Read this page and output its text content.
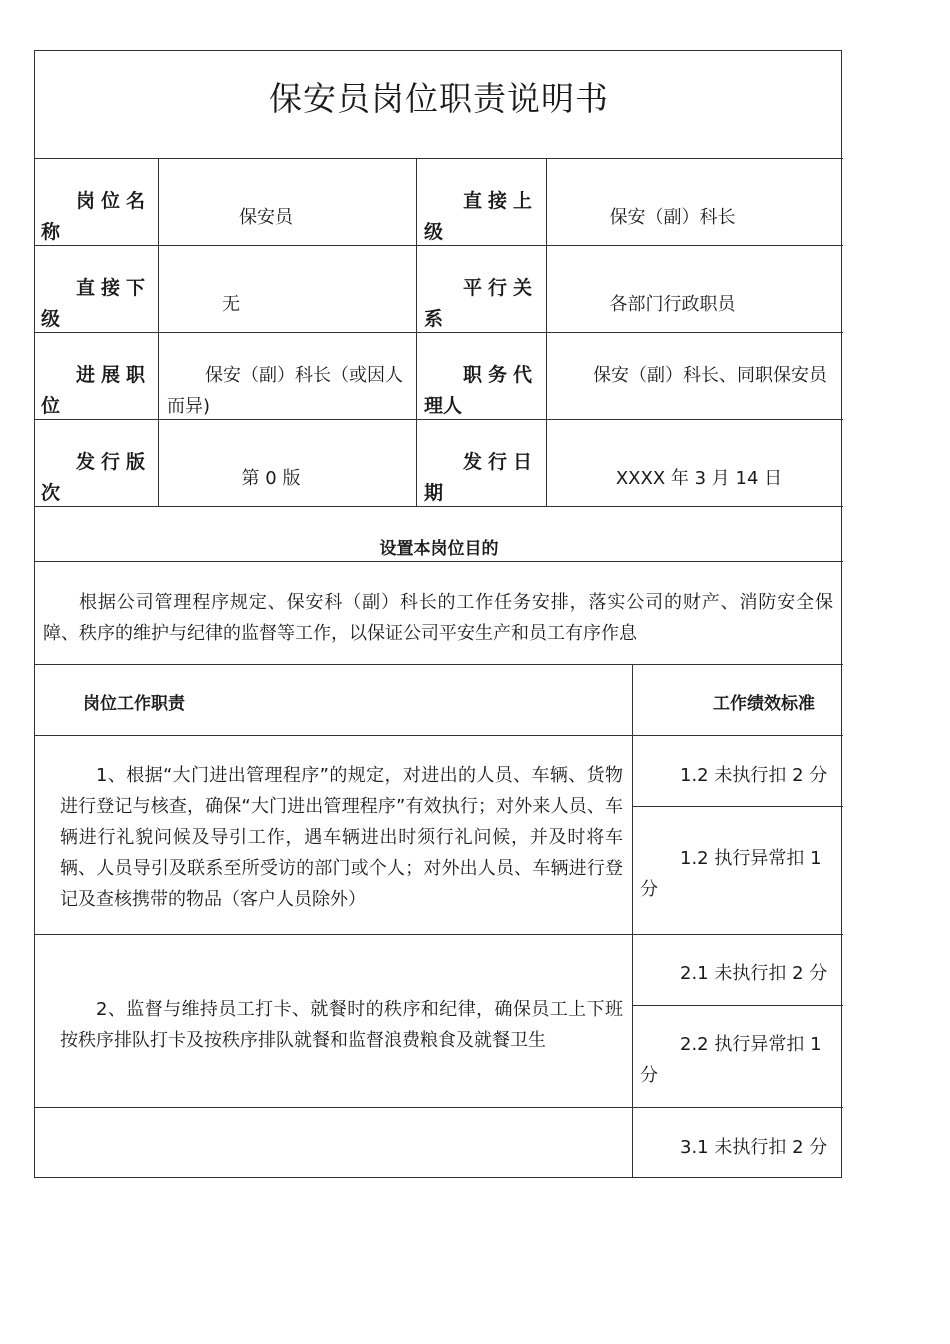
保安员岗位职责说明书
岗位名
称
保安员
直接上
级
保安（副）科长
直接下
级
无
平行关
系
各部门行政职员
进展职
位
保安（副）科长（或因人而异)
职务代
理人
保安（副）科长、同职保安员
发行版
次
第 0 版
发行日
期
XXXX 年 3 月 14 日
设置本岗位目的
根据公司管理程序规定、保安科（副）科长的工作任务安排，落实公司的财产、消防安全保障、秩序的维护与纪律的监督等工作，以保证公司平安生产和员工有序作息
岗位工作职责	工作绩效标准
1、根据“大门进出管理程序”的规定，对进出的人员、车辆、货物进行登记与核查，确保“大门进出管理程序”有效执行；对外来人员、车辆进行礼貌问候及导引工作，遇车辆进出时须行礼问候，并及时将车辆、人员导引及联系至所受访的部门或个人；对外出人员、车辆进行登记及查核携带的物品（客户人员除外）
1.2 未执行扣 2 分
1.2 执行异常扣 1 分
2、监督与维持员工打卡、就餐时的秩序和纪律，确保员工上下班按秩序排队打卡及按秩序排队就餐和监督浪费粮食及就餐卫生
2.1 未执行扣 2 分
2.2 执行异常扣 1 分
3.1 未执行扣 2 分
